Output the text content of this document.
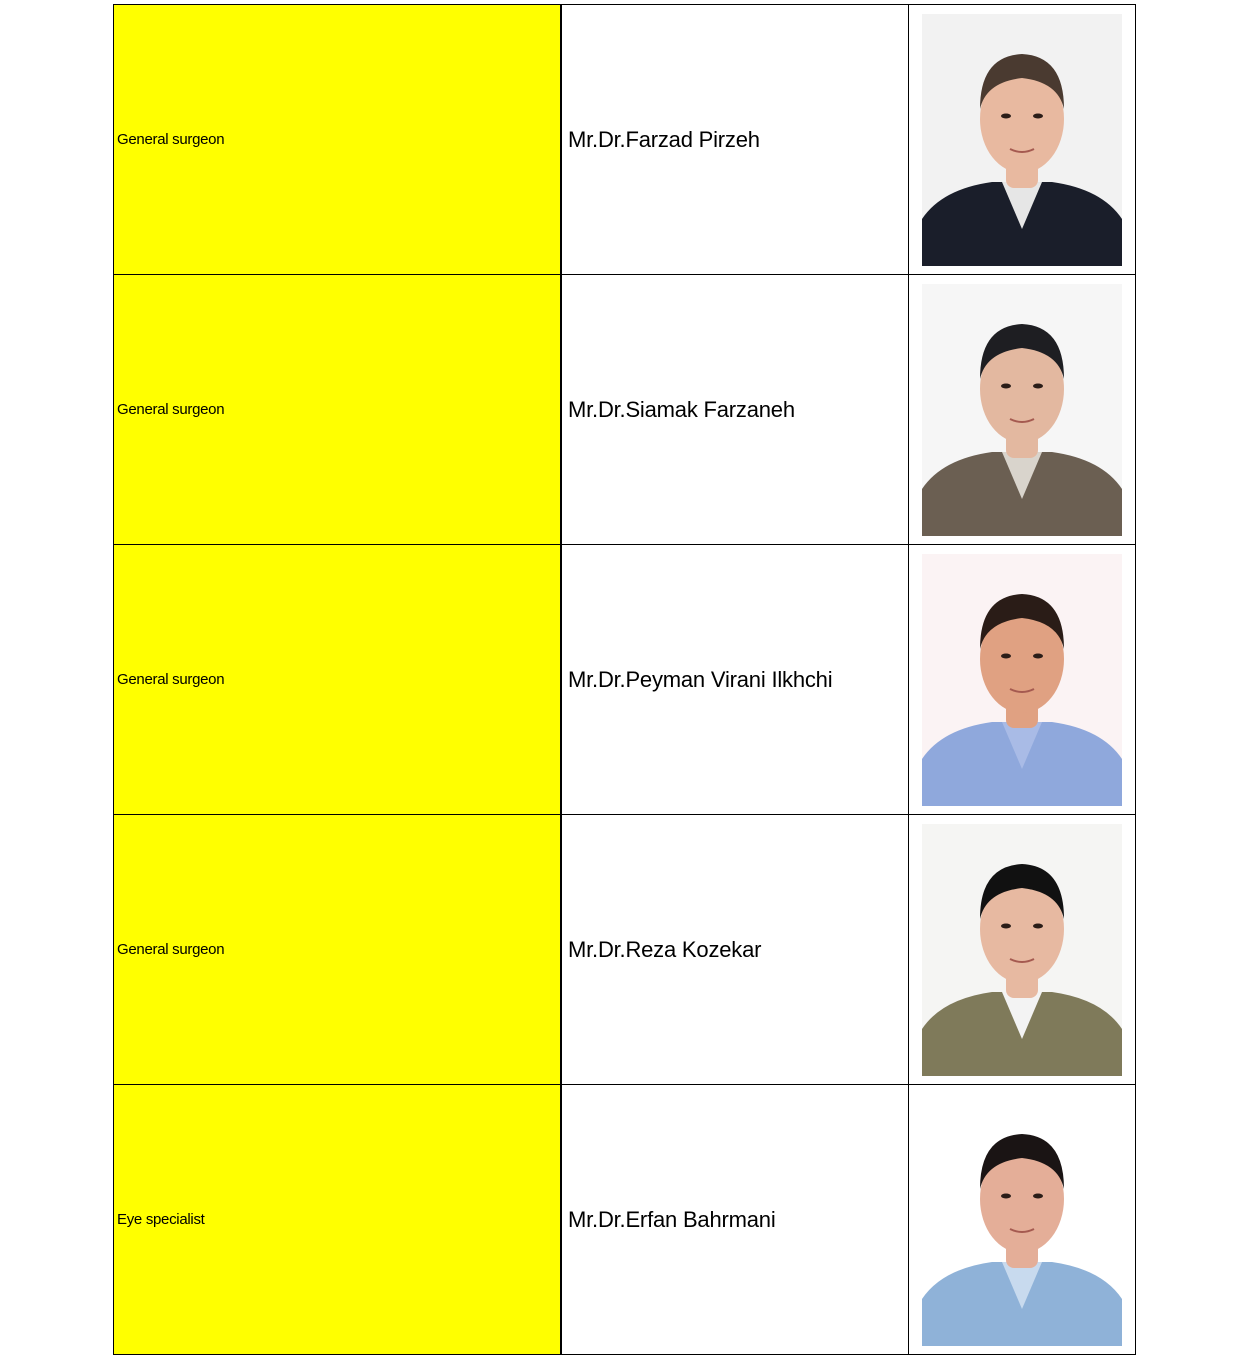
General surgeon	Mr.Dr.Farzad Pirzeh
General surgeon	Mr.Dr.Siamak Farzaneh
General surgeon	Mr.Dr.Peyman Virani Ilkhchi
General surgeon	Mr.Dr.Reza Kozekar
Eye specialist	Mr.Dr.Erfan Bahrmani
